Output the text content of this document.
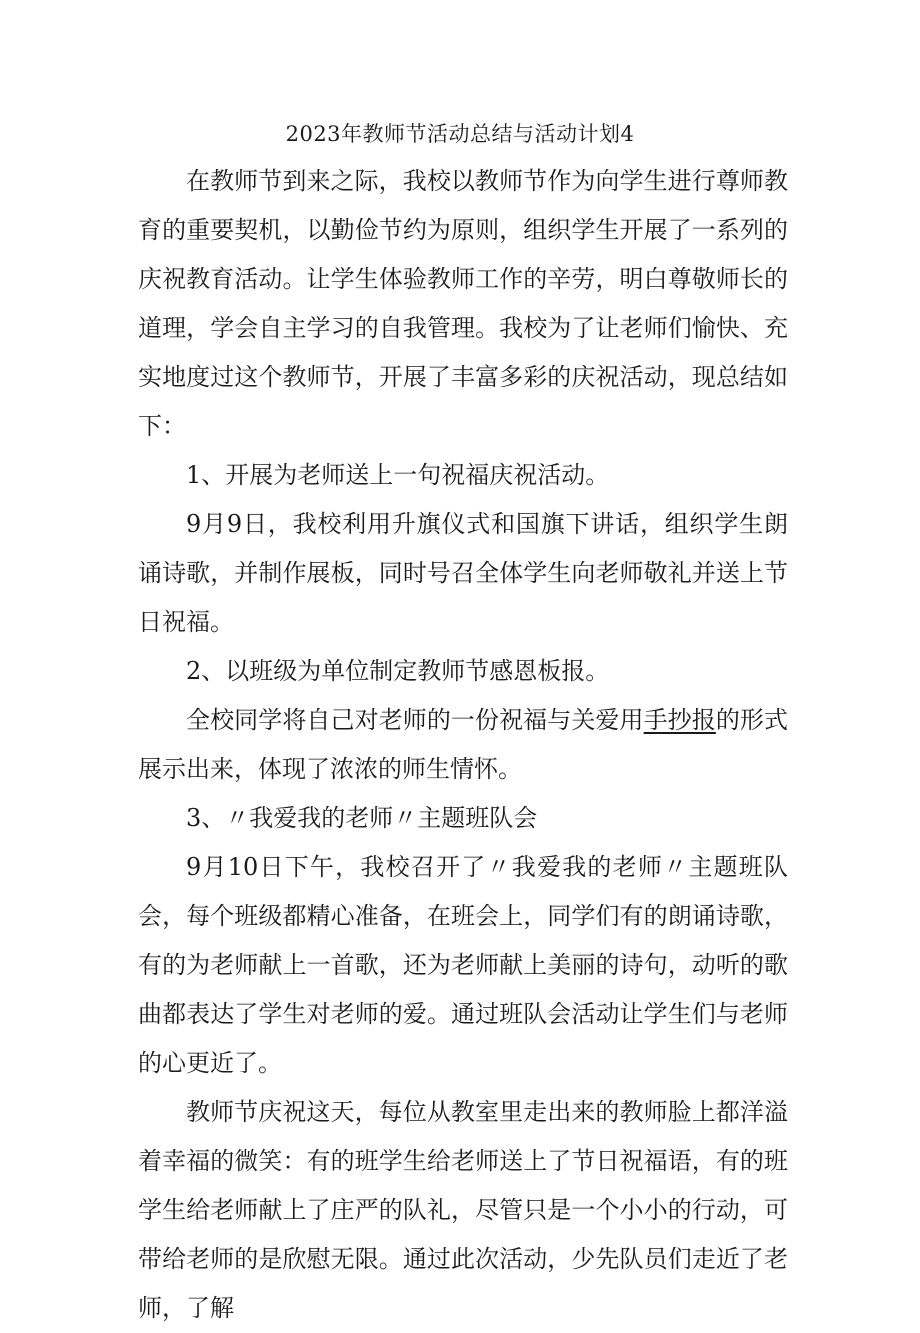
2023年教师节活动总结与活动计划4

在教师节到来之际，我校以教师节作为向学生进行尊师教育的重要契机，以勤俭节约为原则，组织学生开展了一系列的庆祝教育活动。让学生体验教师工作的辛劳，明白尊敬师长的道理，学会自主学习的自我管理。我校为了让老师们愉快、充实地度过这个教师节，开展了丰富多彩的庆祝活动，现总结如下：

1、开展为老师送上一句祝福庆祝活动。

9月9日，我校利用升旗仪式和国旗下讲话，组织学生朗诵诗歌，并制作展板，同时号召全体学生向老师敬礼并送上节日祝福。

2、以班级为单位制定教师节感恩板报。

全校同学将自己对老师的一份祝福与关爱用手抄报的形式展示出来，体现了浓浓的师生情怀。

3、〃我爱我的老师〃主题班队会

9月10日下午，我校召开了〃我爱我的老师〃主题班队会，每个班级都精心准备，在班会上，同学们有的朗诵诗歌，有的为老师献上一首歌，还为老师献上美丽的诗句，动听的歌曲都表达了学生对老师的爱。通过班队会活动让学生们与老师的心更近了。

教师节庆祝这天，每位从教室里走出来的教师脸上都洋溢着幸福的微笑：有的班学生给老师送上了节日祝福语，有的班学生给老师献上了庄严的队礼，尽管只是一个小小的行动，可带给老师的是欣慰无限。通过此次活动，少先队员们走近了老师，了解
